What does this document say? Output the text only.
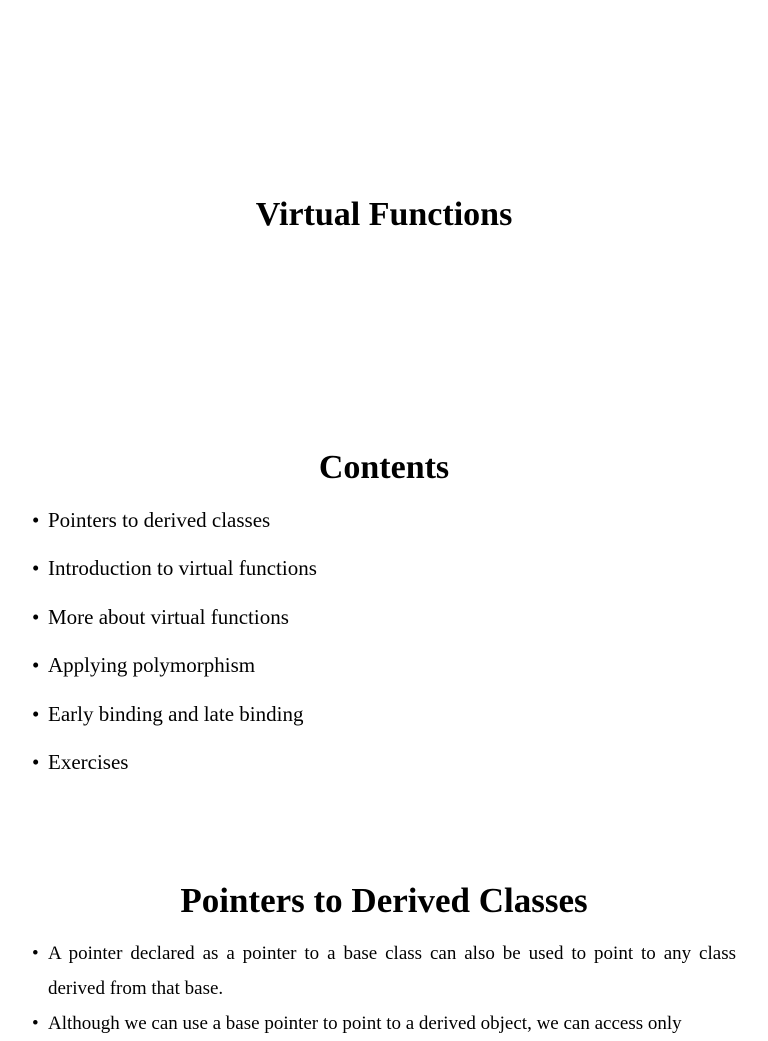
Virtual Functions
Contents
• Pointers to derived classes
• Introduction to virtual functions
• More about virtual functions
• Applying polymorphism
• Early binding and late binding
• Exercises
Pointers to Derived Classes
• A pointer declared as a pointer to a base class can also be used to point to any class derived from that base.
• Although we can use a base pointer to point to a derived object, we can access only
